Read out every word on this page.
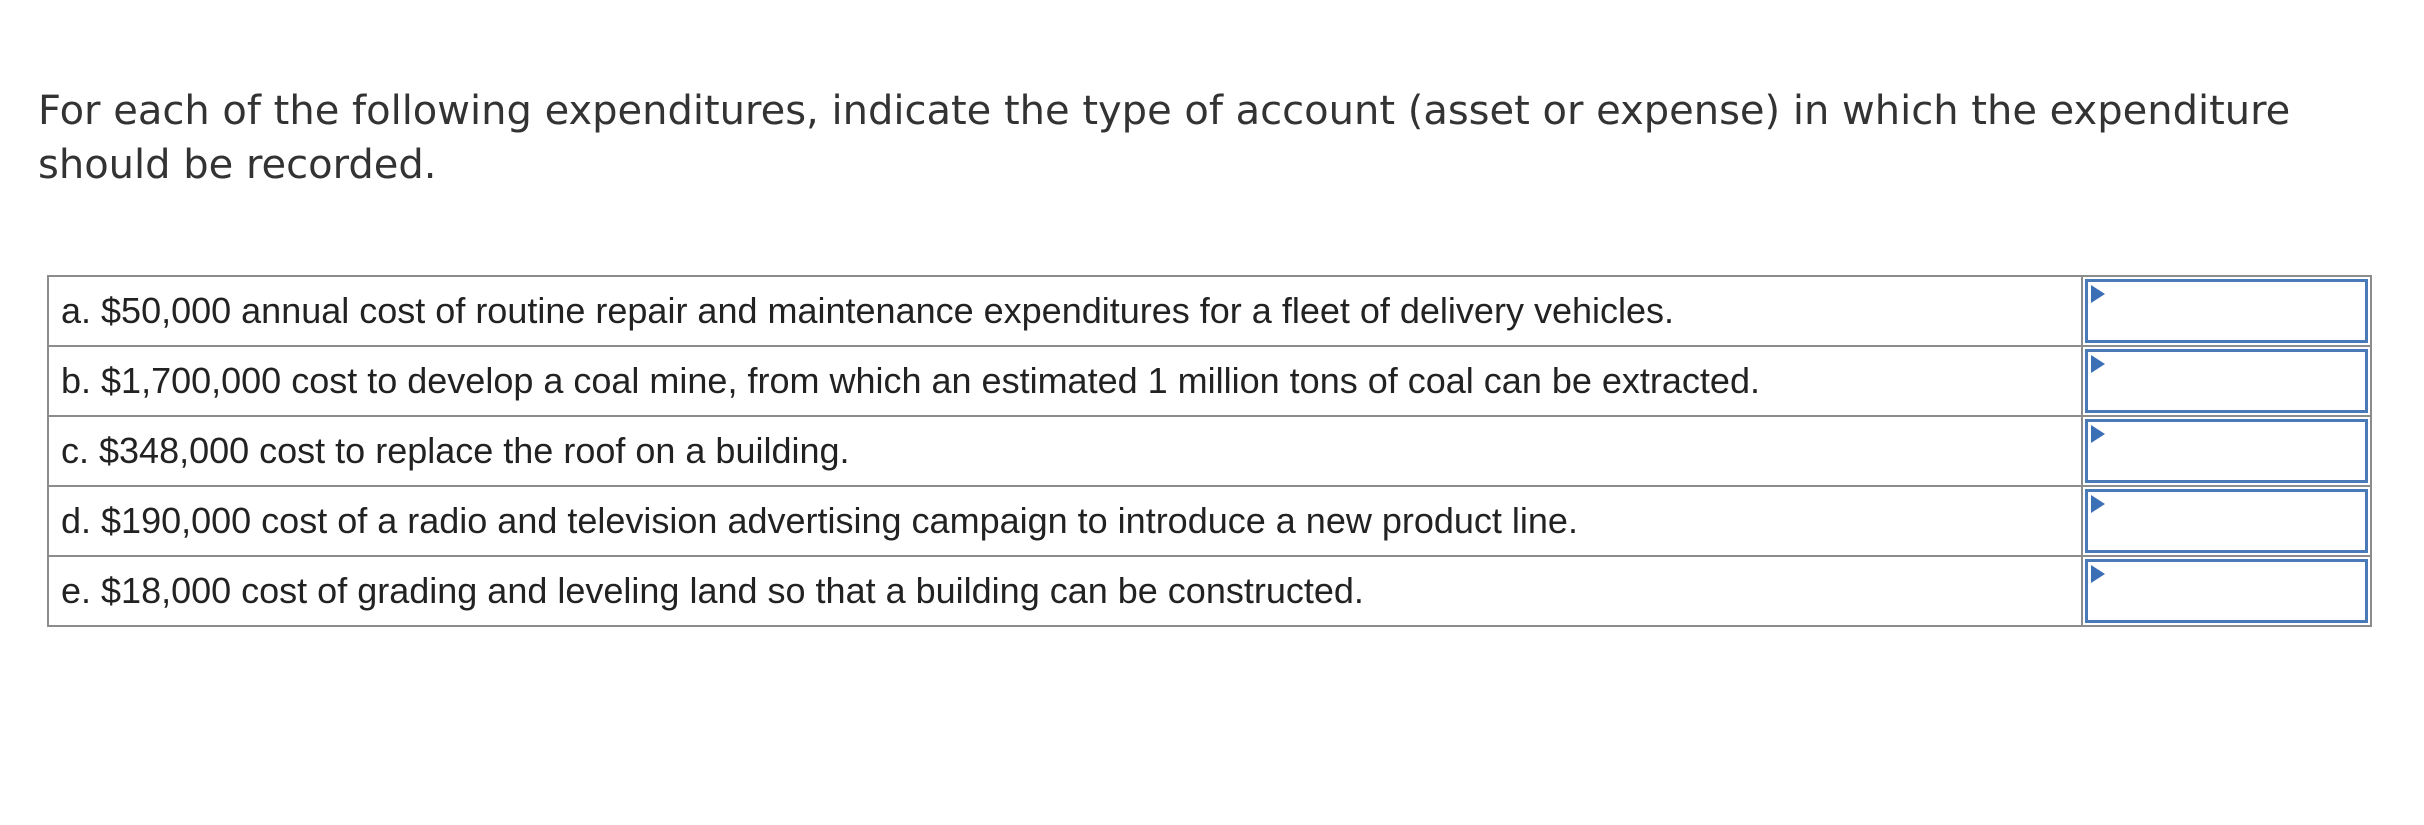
For each of the following expenditures, indicate the type of account (asset or expense) in which the expenditure should be recorded.
a. $50,000 annual cost of routine repair and maintenance expenditures for a fleet of delivery vehicles.	

b. $1,700,000 cost to develop a coal mine, from which an estimated 1 million tons of coal can be extracted.	

c. $348,000 cost to replace the roof on a building.	

d. $190,000 cost of a radio and television advertising campaign to introduce a new product line.	

e. $18,000 cost of grading and leveling land so that a building can be constructed.	
